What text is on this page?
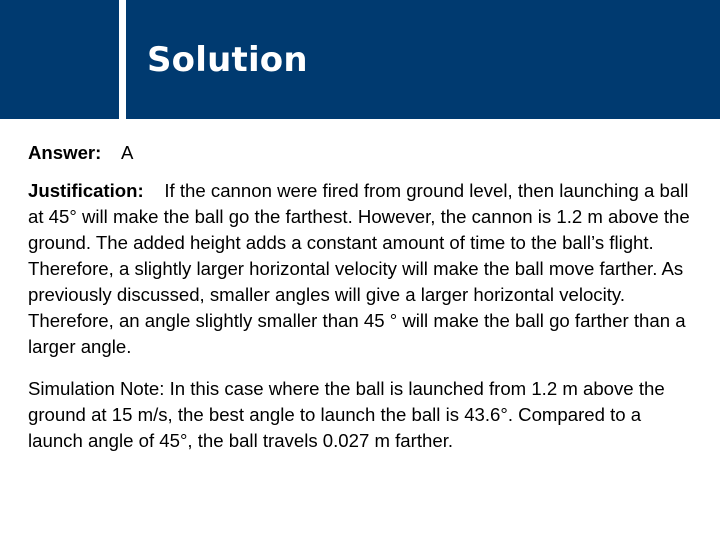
Solution

Answer: A

Justification: If the cannon were fired from ground level, then launching a ball at 45° will make the ball go the farthest. However, the cannon is 1.2 m above the ground. The added height adds a constant amount of time to the ball’s flight. Therefore, a slightly larger horizontal velocity will make the ball move farther. As previously discussed, smaller angles will give a larger horizontal velocity. Therefore, an angle slightly smaller than 45 ° will make the ball go farther than a larger angle.

Simulation Note: In this case where the ball is launched from 1.2 m above the ground at 15 m/s, the best angle to launch the ball is 43.6°. Compared to a launch angle of 45°, the ball travels 0.027 m farther.
